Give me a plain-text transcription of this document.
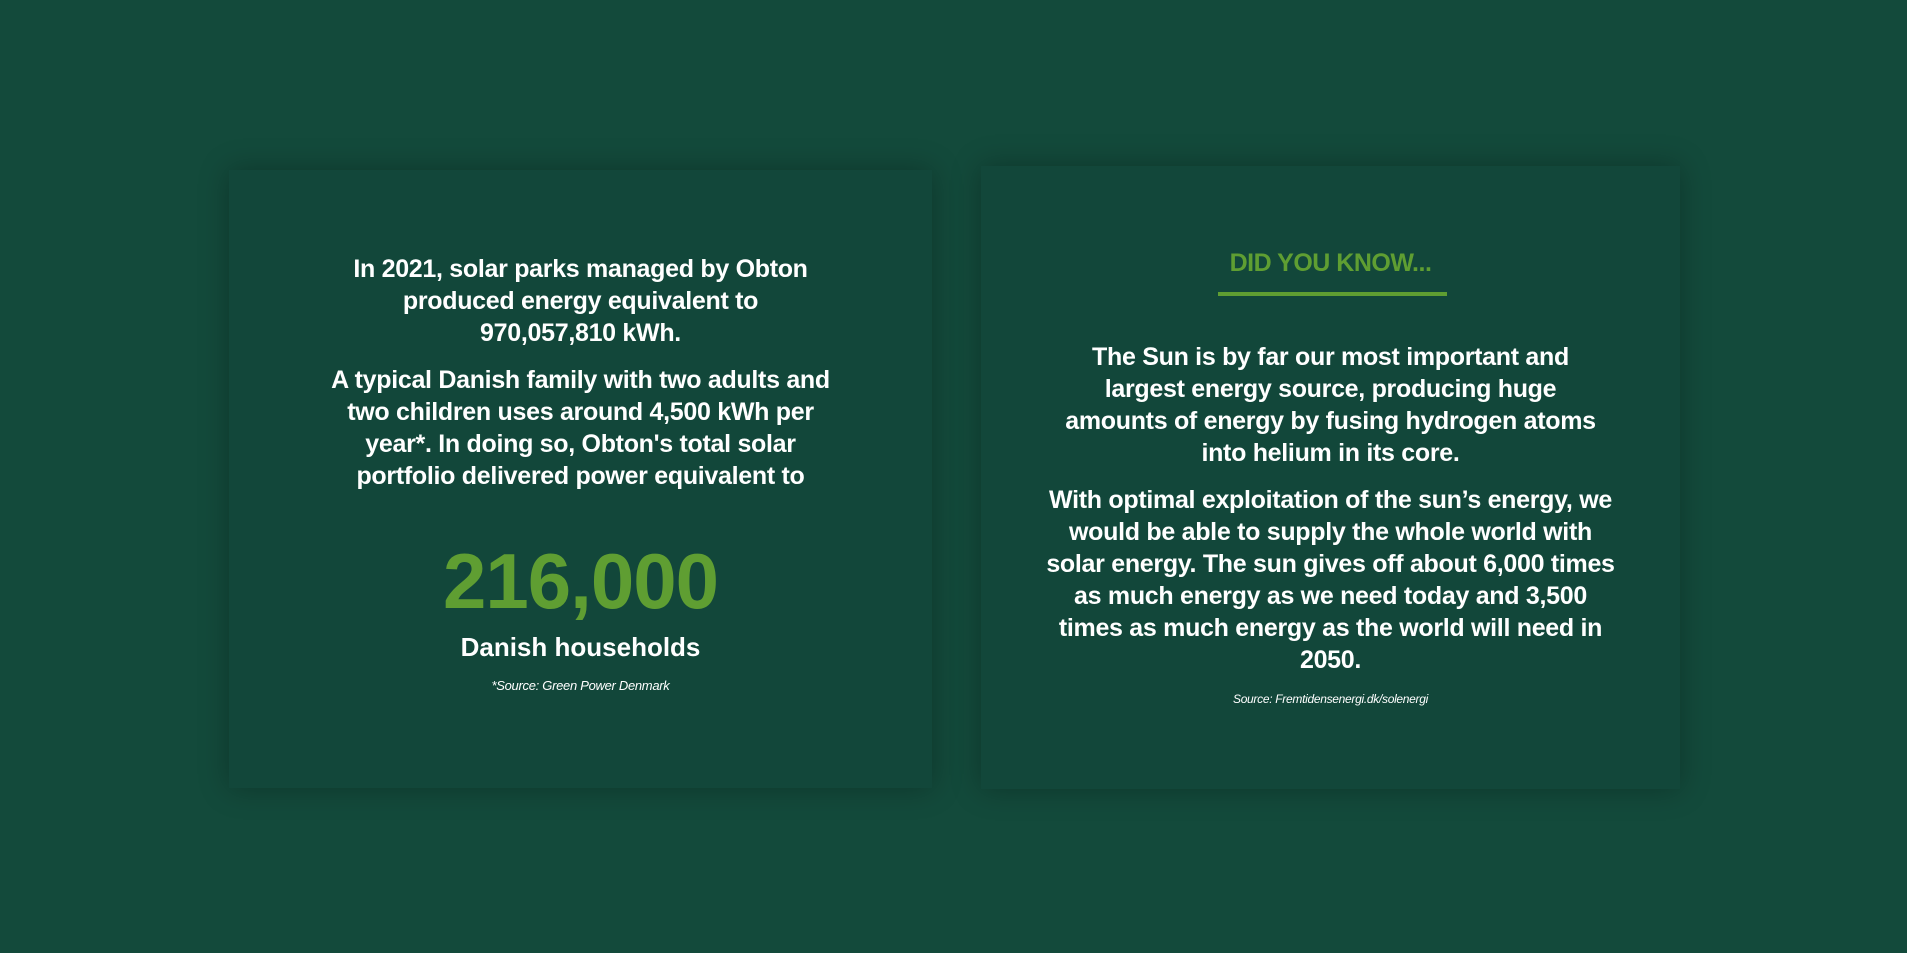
In 2021, solar parks managed by Obton produced energy equivalent to 970,057,810 kWh.

A typical Danish family with two adults and two children uses around 4,500 kWh per year*. In doing so, Obton's total solar portfolio delivered power equivalent to

216,000
Danish households
*Source: Green Power Denmark
DID YOU KNOW...

The Sun is by far our most important and largest energy source, producing huge amounts of energy by fusing hydrogen atoms into helium in its core.

With optimal exploitation of the sun’s energy, we would be able to supply the whole world with solar energy. The sun gives off about 6,000 times as much energy as we need today and 3,500 times as much energy as the world will need in 2050.

Source: Fremtidensenergi.dk/solenergi
